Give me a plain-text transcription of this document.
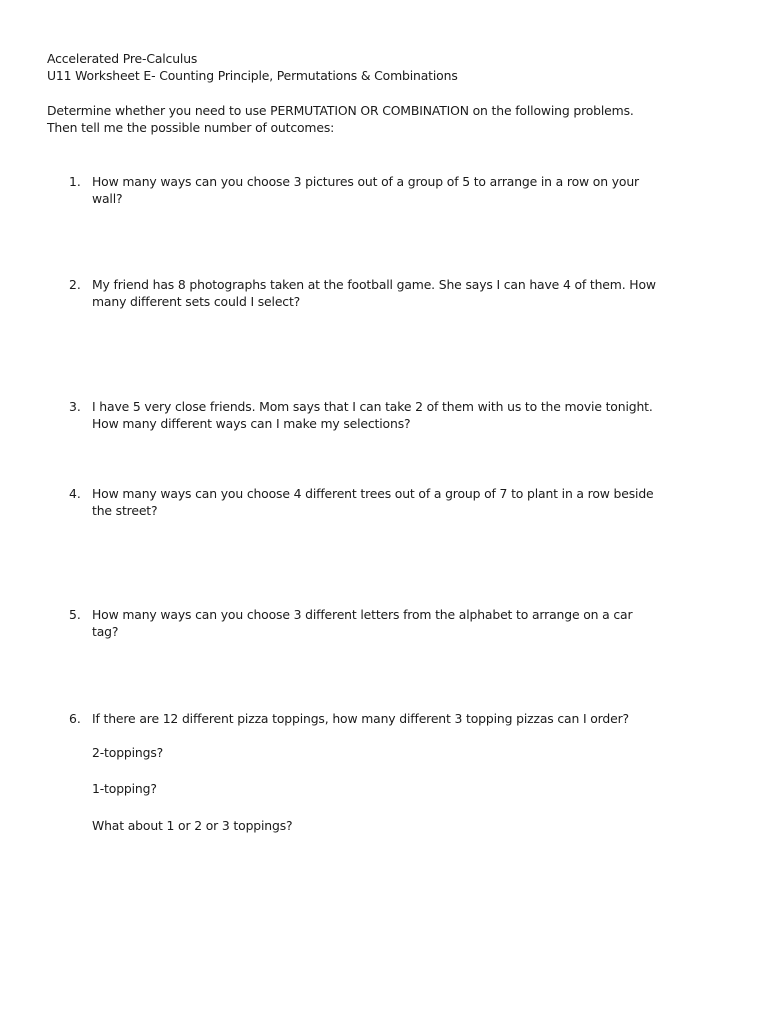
Accelerated Pre-Calculus
U11 Worksheet E- Counting Principle, Permutations & Combinations
Determine whether you need to use PERMUTATION OR COMBINATION on the following problems.
Then tell me the possible number of outcomes:
1. How many ways can you choose 3 pictures out of a group of 5 to arrange in a row on your
wall?
2. My friend has 8 photographs taken at the football game. She says I can have 4 of them. How
many different sets could I select?
3. I have 5 very close friends. Mom says that I can take 2 of them with us to the movie tonight.
How many different ways can I make my selections?
4. How many ways can you choose 4 different trees out of a group of 7 to plant in a row beside
the street?
5. How many ways can you choose 3 different letters from the alphabet to arrange on a car
tag?
6. If there are 12 different pizza toppings, how many different 3 topping pizzas can I order?
2-toppings?
1-topping?
What about 1 or 2 or 3 toppings?
